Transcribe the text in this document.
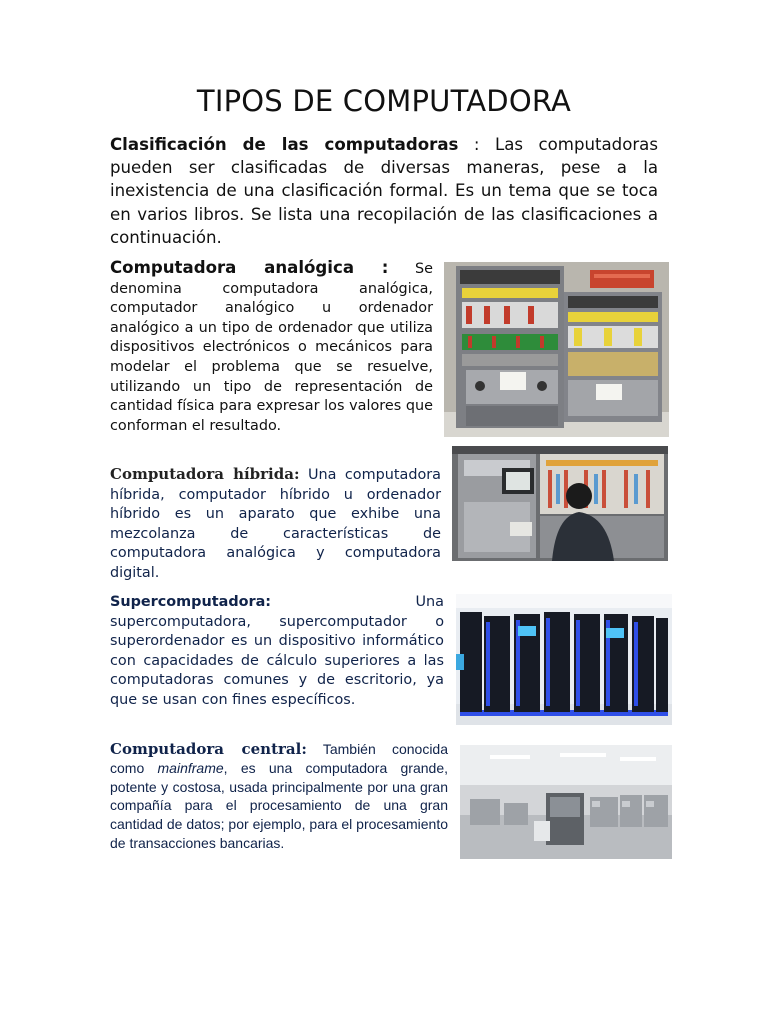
TIPOS DE COMPUTADORA

Clasificación de las computadoras : Las computadoras pueden ser clasificadas de diversas maneras, pese a la inexistencia de una clasificación formal. Es un tema que se toca en varios libros. Se lista una recopilación de las clasificaciones a continuación.

Computadora analógica : Se denomina computadora analógica, computador analógico u ordenador analógico a un tipo de ordenador que utiliza dispositivos electrónicos o mecánicos para modelar el problema que se resuelve, utilizando un tipo de representación de cantidad física para expresar los valores que conforman el resultado.

Computadora híbrida: Una computadora híbrida, computador híbrido u ordenador híbrido es un aparato que exhibe una mezcolanza de características de computadora analógica y computadora digital.

Supercomputadora: Una supercomputadora, supercomputador o superordenador es un dispositivo informático con capacidades de cálculo superiores a las computadoras comunes y de escritorio, ya que se usan con fines específicos.

Computadora central: También conocida como mainframe, es una computadora grande, potente y costosa, usada principalmente por una gran compañía para el procesamiento de una gran cantidad de datos; por ejemplo, para el procesamiento de transacciones bancarias.
